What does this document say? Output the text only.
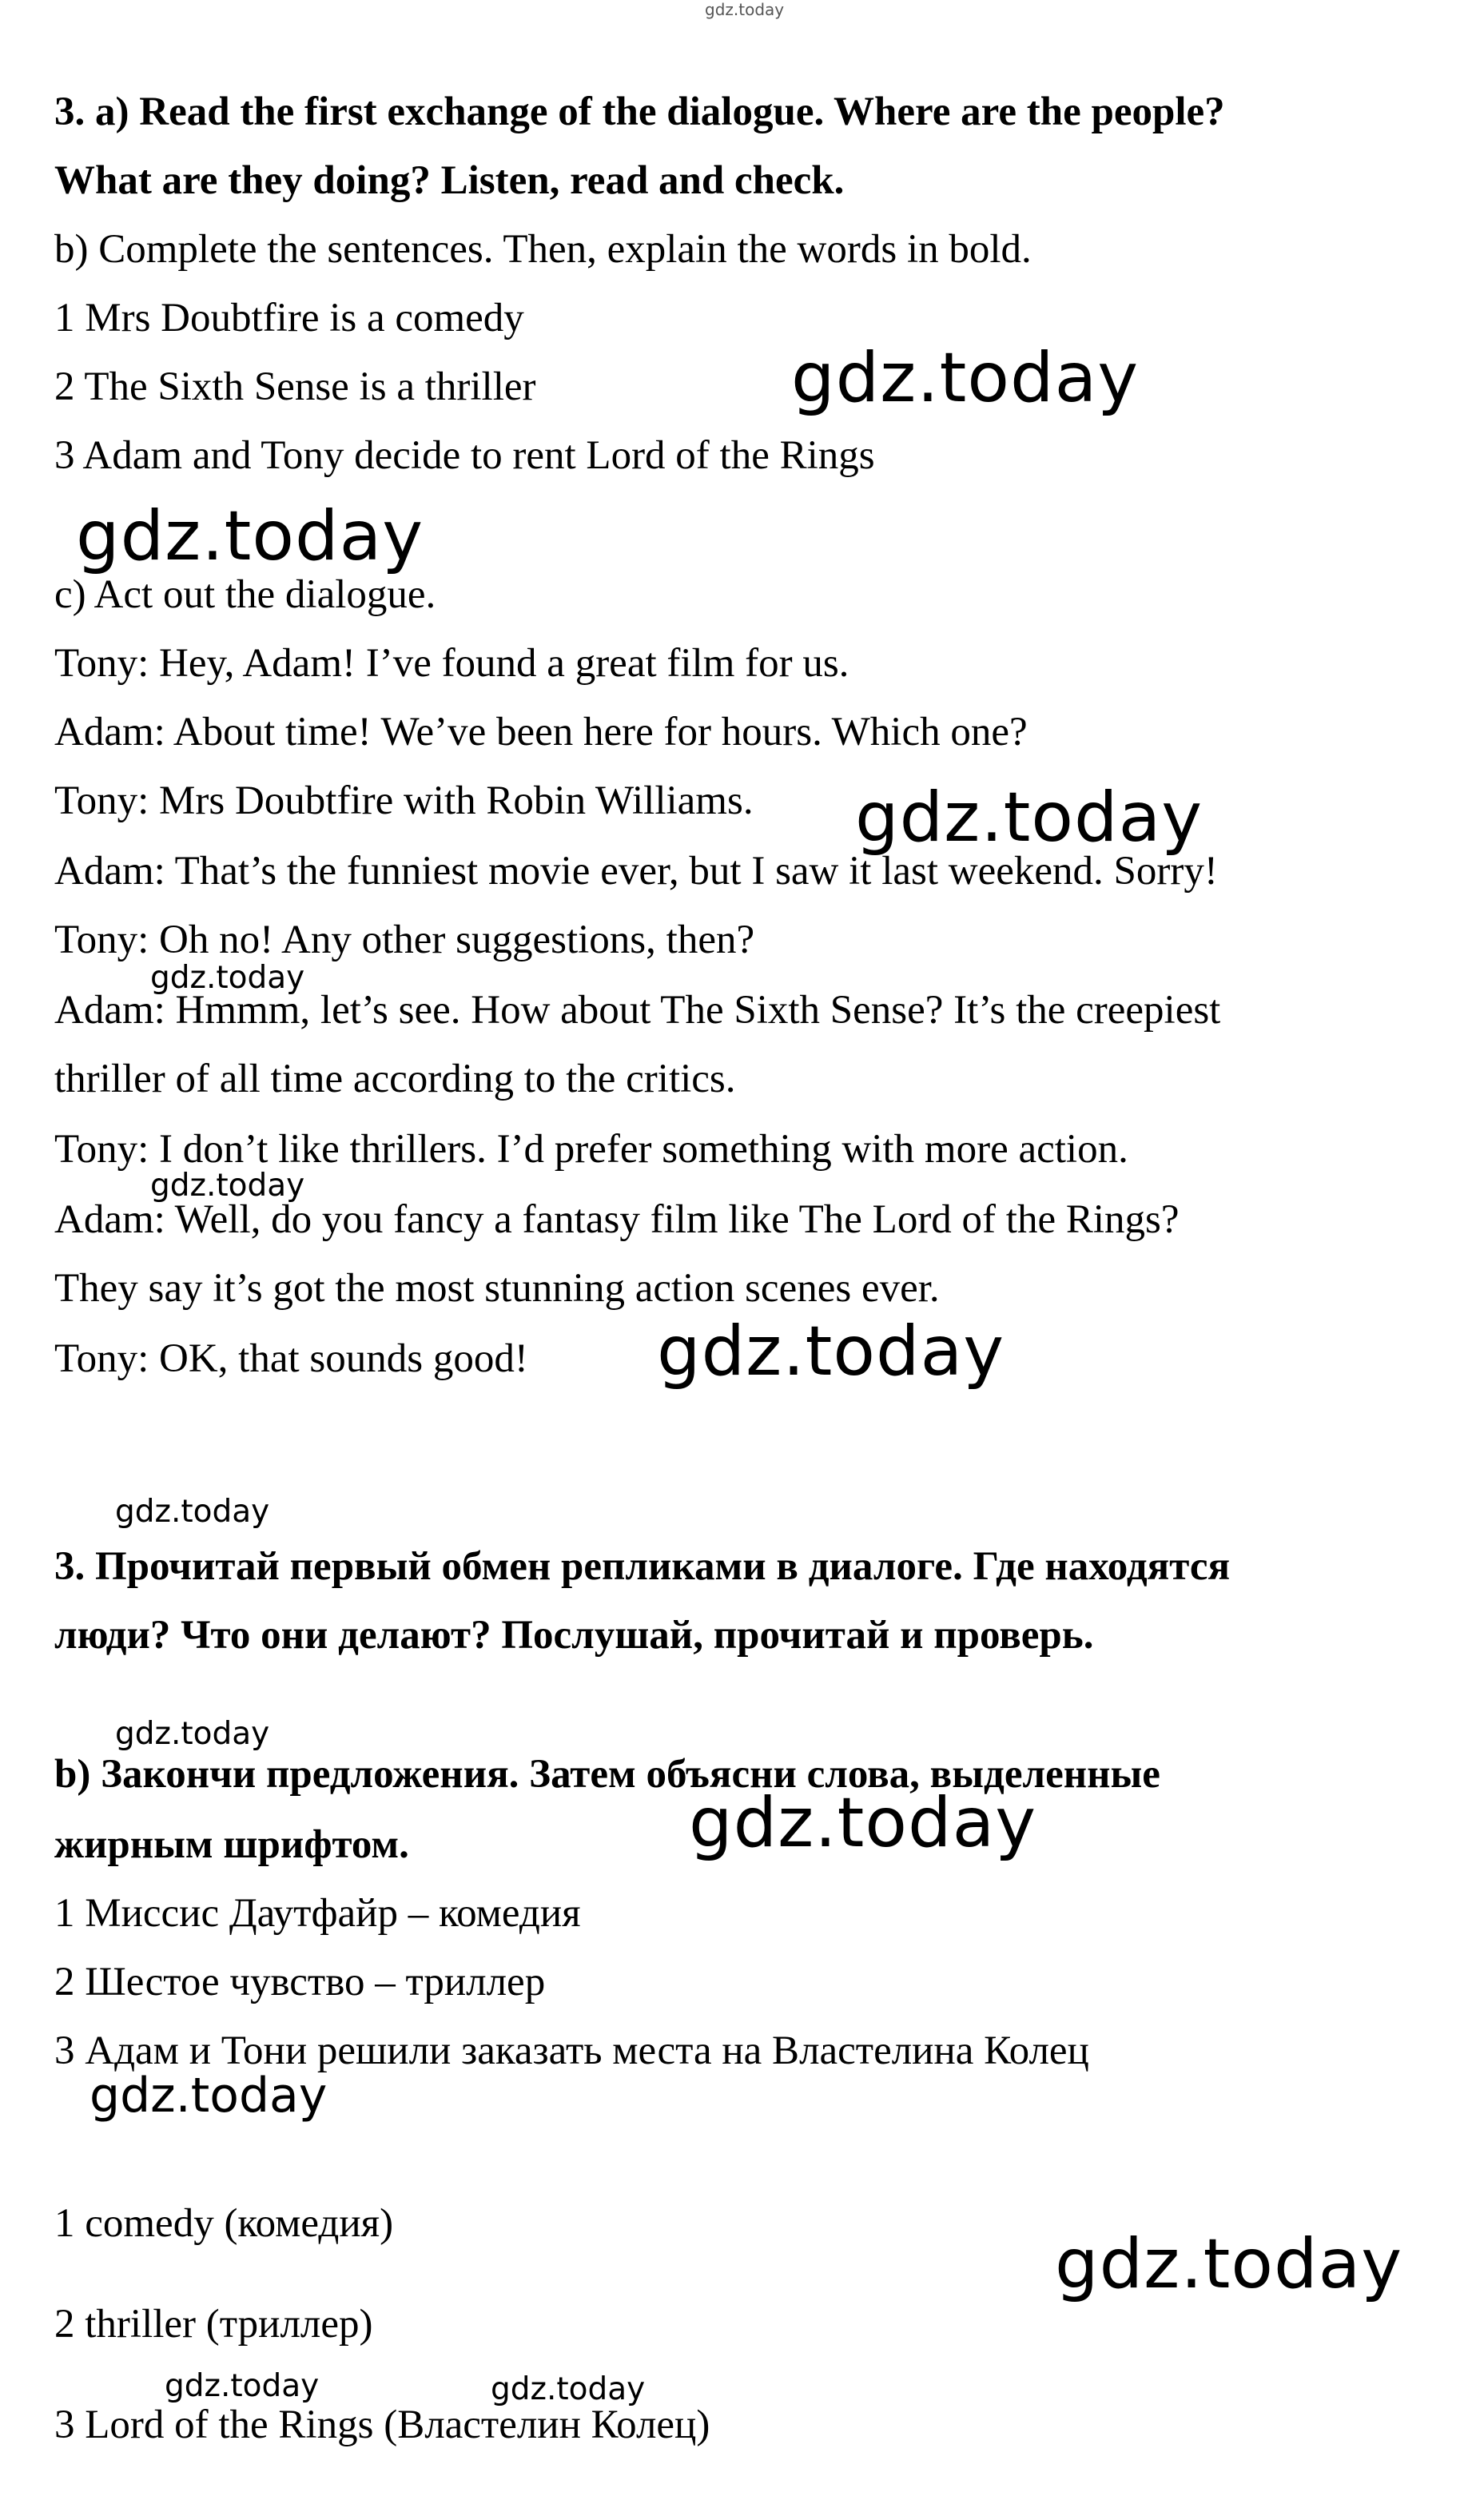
gdz.today
3. a) Read the first exchange of the dialogue. Where are the people?
What are they doing? Listen, read and check.
b) Complete the sentences. Then, explain the words in bold.
1 Mrs Doubtfire is a comedy
2 The Sixth Sense is a thriller
3 Adam and Tony decide to rent Lord of the Rings
c) Act out the dialogue.
Tony: Hey, Adam! I’ve found a great film for us.
Adam: About time! We’ve been here for hours. Which one?
Tony: Mrs Doubtfire with Robin Williams.
Adam: That’s the funniest movie ever, but I saw it last weekend. Sorry!
Tony: Oh no! Any other suggestions, then?
Adam: Hmmm, let’s see. How about The Sixth Sense? It’s the creepiest
thriller of all time according to the critics.
Tony: I don’t like thrillers. I’d prefer something with more action.
Adam: Well, do you fancy a fantasy film like The Lord of the Rings?
They say it’s got the most stunning action scenes ever.
Tony: OK, that sounds good!
3. Прочитай первый обмен репликами в диалоге. Где находятся
люди? Что они делают? Послушай, прочитай и проверь.
b) Закончи предложения. Затем объясни слова, выделенные
жирным шрифтом.
1 Миссис Даутфайр – комедия
2 Шестое чувство – триллер
3 Адам и Тони решили заказать места на Властелина Колец
1 comedy (комедия)
2 thriller (триллер)
3 Lord of the Rings (Властелин Колец)
gdz.today
gdz.today
gdz.today
gdz.today
gdz.today
gdz.today
gdz.today
gdz.today
gdz.today
gdz.today
gdz.today
gdz.today	gdz.today
